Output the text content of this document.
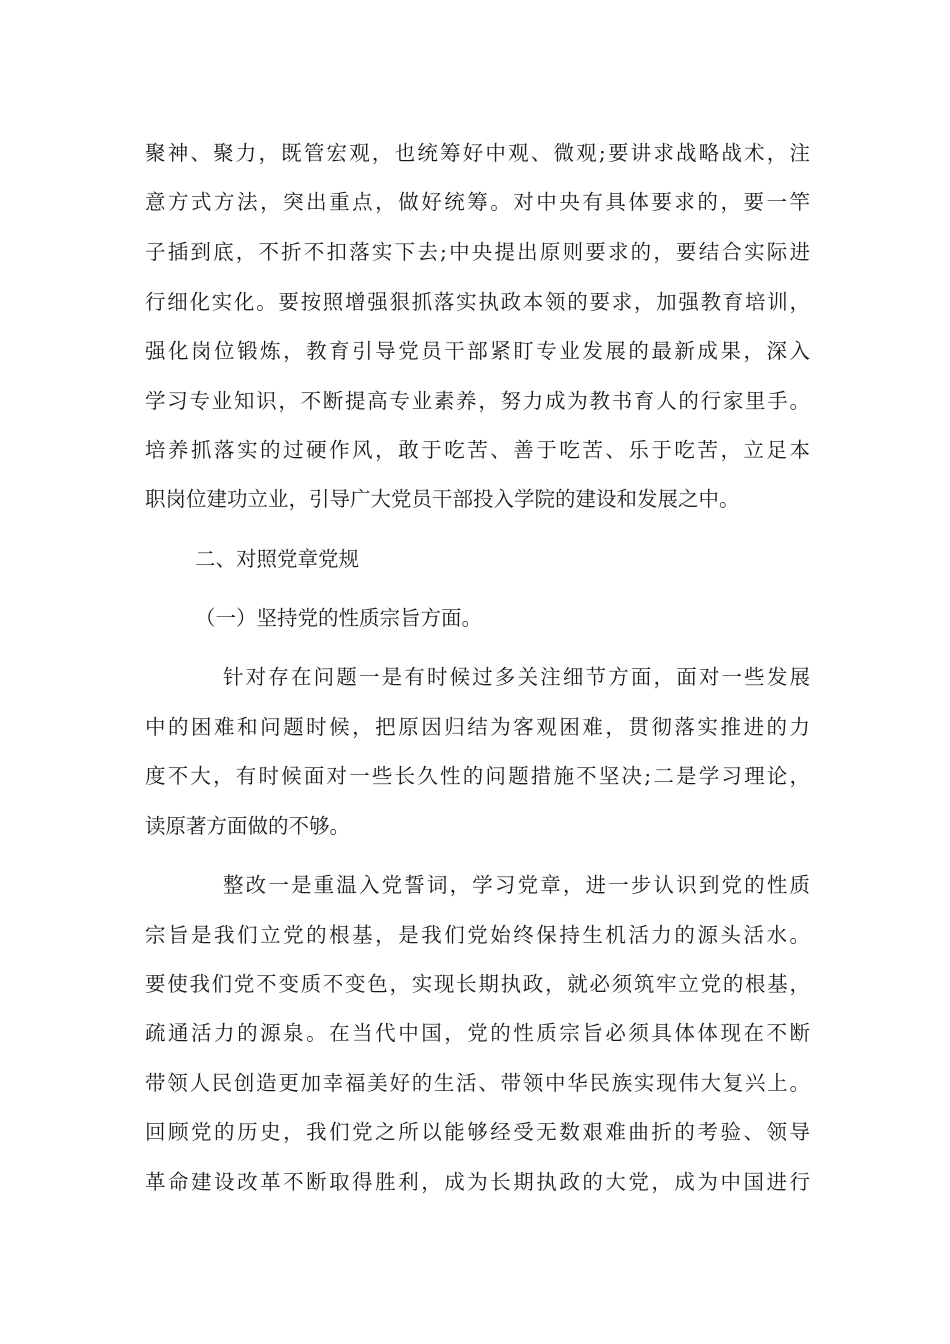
聚神、聚力，既管宏观，也统筹好中观、微观;要讲求战略战术，注
意方式方法，突出重点，做好统筹。对中央有具体要求的，要一竿
子插到底，不折不扣落实下去;中央提出原则要求的，要结合实际进
行细化实化。要按照增强狠抓落实执政本领的要求，加强教育培训，
强化岗位锻炼，教育引导党员干部紧盯专业发展的最新成果，深入
学习专业知识，不断提高专业素养，努力成为教书育人的行家里手。
培养抓落实的过硬作风，敢于吃苦、善于吃苦、乐于吃苦，立足本
职岗位建功立业，引导广大党员干部投入学院的建设和发展之中。
二、对照党章党规
（一）坚持党的性质宗旨方面。
针对存在问题一是有时候过多关注细节方面，面对一些发展
中的困难和问题时候，把原因归结为客观困难，贯彻落实推进的力
度不大，有时候面对一些长久性的问题措施不坚决;二是学习理论，
读原著方面做的不够。
整改一是重温入党誓词，学习党章，进一步认识到党的性质
宗旨是我们立党的根基，是我们党始终保持生机活力的源头活水。
要使我们党不变质不变色，实现长期执政，就必须筑牢立党的根基，
疏通活力的源泉。在当代中国，党的性质宗旨必须具体体现在不断
带领人民创造更加幸福美好的生活、带领中华民族实现伟大复兴上。
回顾党的历史，我们党之所以能够经受无数艰难曲折的考验、领导
革命建设改革不断取得胜利，成为长期执政的大党，成为中国进行
